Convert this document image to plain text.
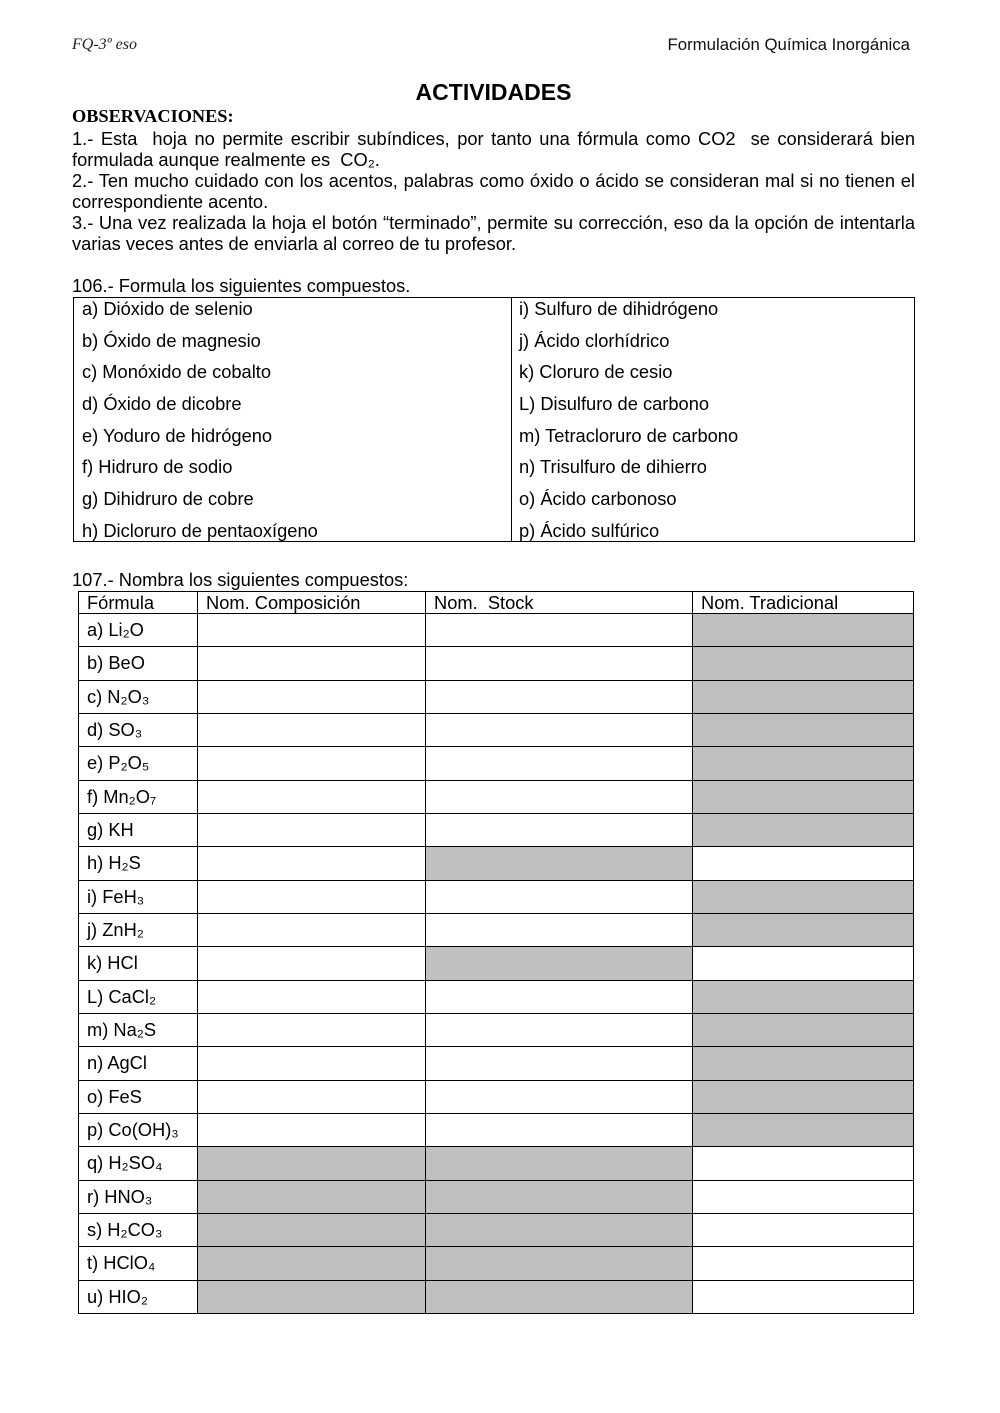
FQ-3º eso	Formulación Química Inorgánica
ACTIVIDADES
OBSERVACIONES:
1.- Esta  hoja no permite escribir subíndices, por tanto una fórmula como CO2  se considerará bien
formulada aunque realmente es  CO₂.
2.- Ten mucho cuidado con los acentos, palabras como óxido o ácido se consideran mal si no tienen el
correspondiente acento.
3.- Una vez realizada la hoja el botón “terminado”, permite su corrección, eso da la opción de intentarla
varias veces antes de enviarla al correo de tu profesor.
106.- Formula los siguientes compuestos.
a) Dióxido de selenio
b) Óxido de magnesio
c) Monóxido de cobalto
d) Óxido de dicobre
e) Yoduro de hidrógeno
f) Hidruro de sodio
g) Dihidruro de cobre
h) Dicloruro de pentaoxígeno
i) Sulfuro de dihidrógeno
j) Ácido clorhídrico
k) Cloruro de cesio
L) Disulfuro de carbono
m) Tetracloruro de carbono
n) Trisulfuro de dihierro
o) Ácido carbonoso
p) Ácido sulfúrico
107.- Nombra los siguientes compuestos:
Fórmula	Nom. Composición	Nom.  Stock	Nom. Tradicional
a) Li₂O	

b) BeO	

c) N₂O₃	

d) SO₃	

e) P₂O₅	

f) Mn₂O₇	

g) KH	

h) H₂S	

i) FeH₃	

j) ZnH₂	

k) HCl	

L) CaCl₂	

m) Na₂S	

n) AgCl	

o) FeS	

p) Co(OH)₃	

q) H₂SO₄			

r) HNO₃			

s) H₂CO₃			

t) HClO₄			

u) HIO₂			
